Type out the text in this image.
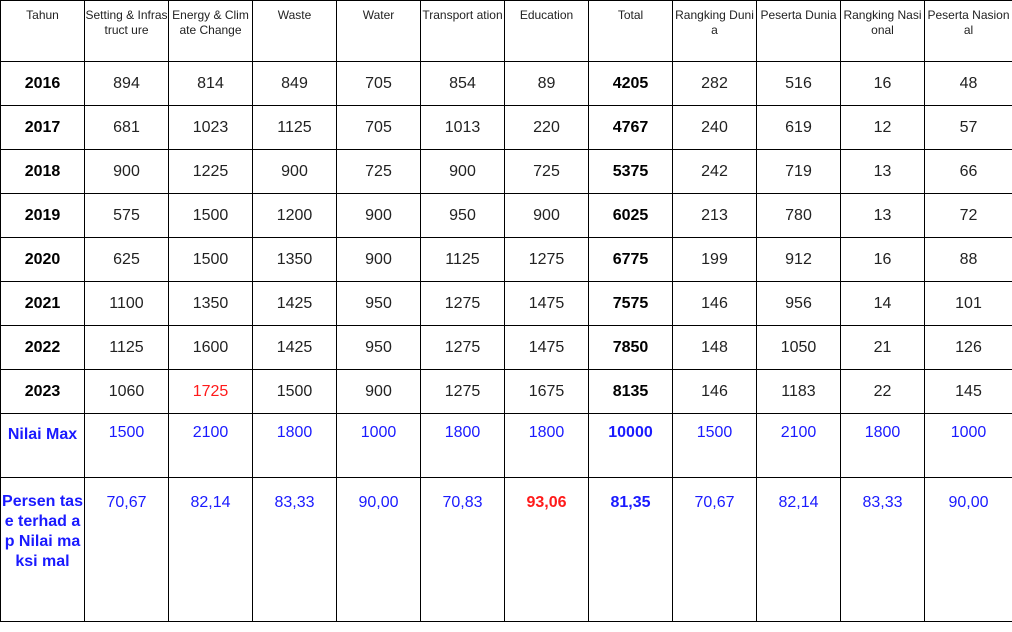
Tahun	Setting & Infrastruct ure	Energy & Climate Change	Waste	Water	Transport ation	Education	Total	Rangking Dunia	Peserta Dunia	Rangking Nasional	Peserta Nasional
2016	894	814	849	705	854	89	4205	282	516	16	48
2017	681	1023	1125	705	1013	220	4767	240	619	12	57
2018	900	1225	900	725	900	725	5375	242	719	13	66
2019	575	1500	1200	900	950	900	6025	213	780	13	72
2020	625	1500	1350	900	1125	1275	6775	199	912	16	88
2021	1100	1350	1425	950	1275	1475	7575	146	956	14	101
2022	1125	1600	1425	950	1275	1475	7850	148	1050	21	126
2023	1060	1725	1500	900	1275	1675	8135	146	1183	22	145
Nilai Max	1500	2100	1800	1000	1800	1800	10000	1500	2100	1800	1000
Persen tase terhad ap Nilai maksi mal	70,67	82,14	83,33	90,00	70,83	93,06	81,35	70,67	82,14	83,33	90,00
